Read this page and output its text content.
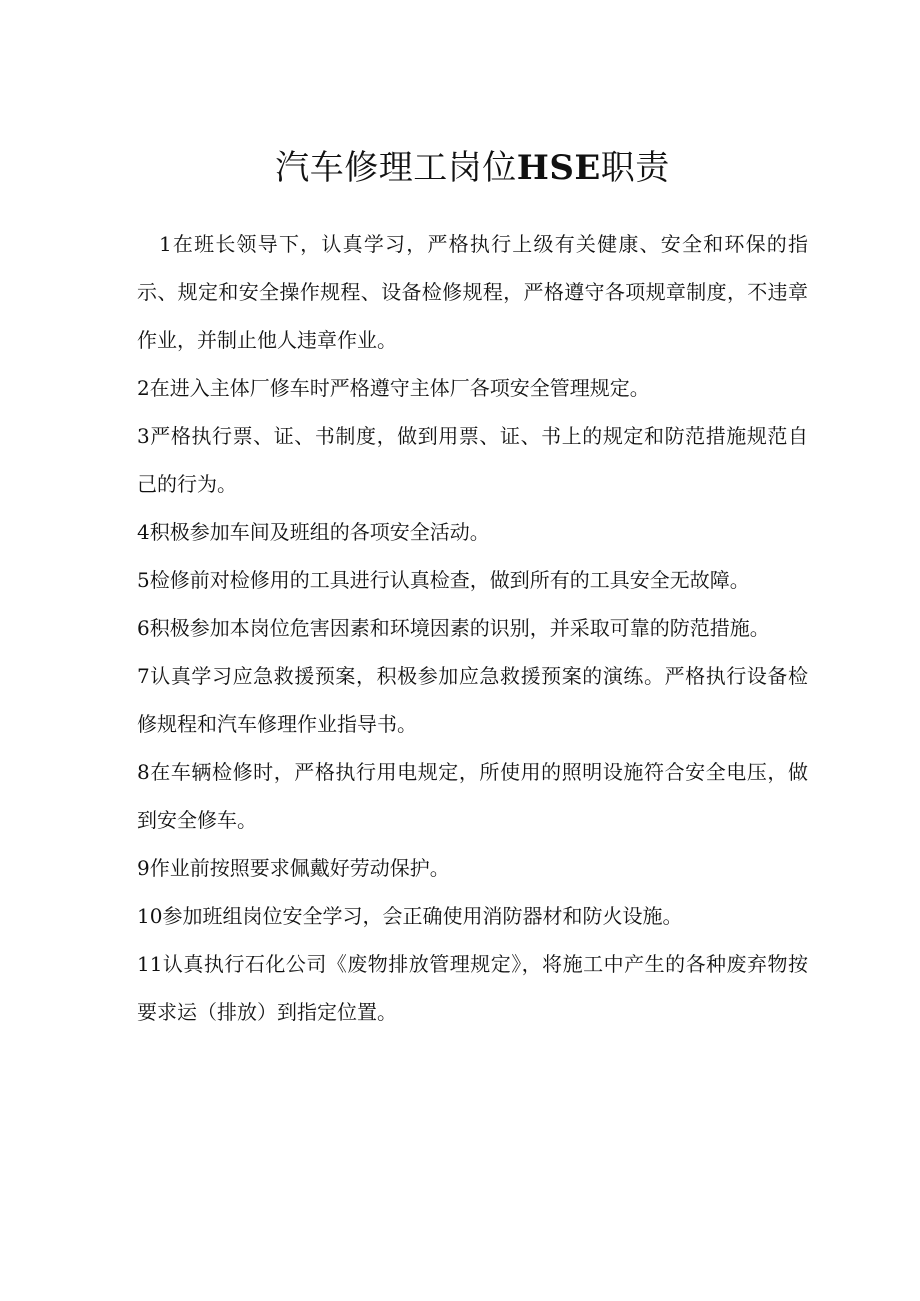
汽车修理工岗位HSE职责

1在班长领导下，认真学习，严格执行上级有关健康、安全和环保的指示、规定和安全操作规程、设备检修规程，严格遵守各项规章制度，不违章作业，并制止他人违章作业。

2在进入主体厂修车时严格遵守主体厂各项安全管理规定。

3严格执行票、证、书制度，做到用票、证、书上的规定和防范措施规范自己的行为。

4积极参加车间及班组的各项安全活动。

5检修前对检修用的工具进行认真检查，做到所有的工具安全无故障。

6积极参加本岗位危害因素和环境因素的识别，并采取可靠的防范措施。

7认真学习应急救援预案，积极参加应急救援预案的演练。严格执行设备检修规程和汽车修理作业指导书。

8在车辆检修时，严格执行用电规定，所使用的照明设施符合安全电压，做到安全修车。

9作业前按照要求佩戴好劳动保护。

10参加班组岗位安全学习，会正确使用消防器材和防火设施。

11认真执行石化公司《废物排放管理规定》，将施工中产生的各种废弃物按要求运（排放）到指定位置。
